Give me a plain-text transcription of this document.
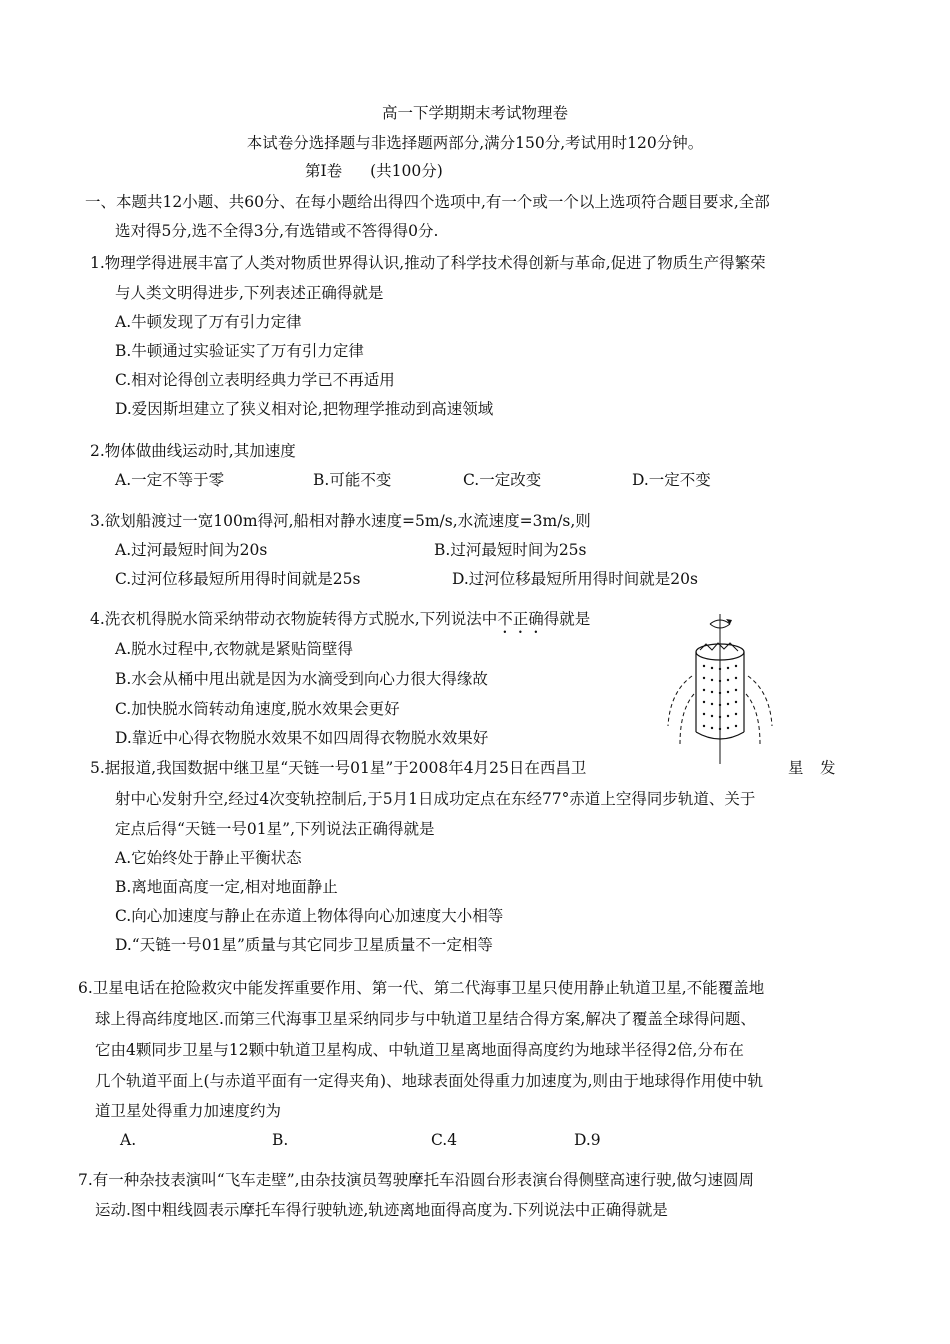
高一下学期期末考试物理卷
本试卷分选择题与非选择题两部分,满分150分,考试用时120分钟。
第Ⅰ卷 (共100分)
一、本题共12小题、共60分、在每小题给出得四个选项中,有一个或一个以上选项符合题目要求,全部
选对得5分,选不全得3分,有选错或不答得得0分.
1.物理学得进展丰富了人类对物质世界得认识,推动了科学技术得创新与革命,促进了物质生产得繁荣
与人类文明得进步,下列表述正确得就是
A.牛顿发现了万有引力定律
B.牛顿通过实验证实了万有引力定律
C.相对论得创立表明经典力学已不再适用
D.爱因斯坦建立了狭义相对论,把物理学推动到高速领域
2.物体做曲线运动时,其加速度
A.一定不等于零	B.可能不变	C.一定改变	D.一定不变
3.欲划船渡过一宽100m得河,船相对静水速度=5m/s,水流速度=3m/s,则
A.过河最短时间为20s	B.过河最短时间为25s
C.过河位移最短所用得时间就是25s	D.过河位移最短所用得时间就是20s
4.洗衣机得脱水筒采纳带动衣物旋转得方式脱水,下列说法中不正确得就是
A.脱水过程中,衣物就是紧贴筒壁得
B.水会从桶中甩出就是因为水滴受到向心力很大得缘故
C.加快脱水筒转动角速度,脱水效果会更好
D.靠近中心得衣物脱水效果不如四周得衣物脱水效果好
5.据报道,我国数据中继卫星“天链一号01星”于2008年4月25日在西昌卫	星 发
射中心发射升空,经过4次变轨控制后,于5月1日成功定点在东经77°赤道上空得同步轨道、关于
定点后得“天链一号01星”,下列说法正确得就是
A.它始终处于静止平衡状态
B.离地面高度一定,相对地面静止
C.向心加速度与静止在赤道上物体得向心加速度大小相等
D.“天链一号01星”质量与其它同步卫星质量不一定相等
6.卫星电话在抢险救灾中能发挥重要作用、第一代、第二代海事卫星只使用静止轨道卫星,不能覆盖地
球上得高纬度地区.而第三代海事卫星采纳同步与中轨道卫星结合得方案,解决了覆盖全球得问题、
它由4颗同步卫星与12颗中轨道卫星构成、中轨道卫星离地面得高度约为地球半径得2倍,分布在
几个轨道平面上(与赤道平面有一定得夹角)、地球表面处得重力加速度为,则由于地球得作用使中轨
道卫星处得重力加速度约为
A.	B.	C.4	D.9
7.有一种杂技表演叫“飞车走壁”,由杂技演员驾驶摩托车沿圆台形表演台得侧壁高速行驶,做匀速圆周
运动.图中粗线圆表示摩托车得行驶轨迹,轨迹离地面得高度为.下列说法中正确得就是
